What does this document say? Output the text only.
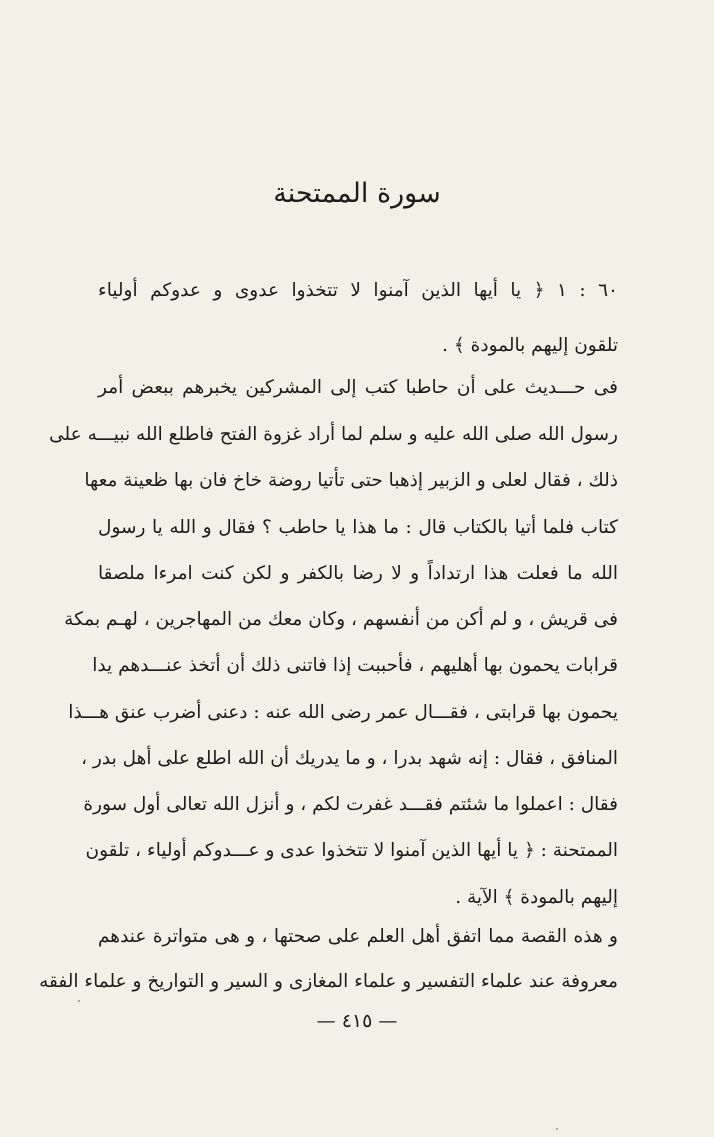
سورة الممتحنة
٦٠ : ١ ﴿ يا أيها الذين آمنوا لا تتخذوا عدوى و عدوكم أولياء
تلقون إليهم بالمودة ﴾ .
فى حـــديث على أن حاطبا كتب إلى المشركين يخبرهم ببعض أمر
رسول الله صلى الله عليه و سلم لما أراد غزوة الفتح فاطلع الله نبيـــه على
ذلك ، فقال لعلى و الزبير إذهبا حتى تأتيا روضة خاخ فان بها ظعينة معها
كتاب فلما أتيا بالكتاب قال : ما هذا يا حاطب ؟ فقال و الله يا رسول
الله ما فعلت هذا ارتداداً و لا رضا بالكفر و لكن كنت امرءا ملصقا
فى قريش ، و لم أكن من أنفسهم ، وكان معك من المهاجرين ، لهـم بمكة
قرابات يحمون بها أهليهم ، فأحببت إذا فاتنى ذلك أن أتخذ عنـــدهم يدا
يحمون بها قرابتى ، فقـــال عمر رضى الله عنه : دعنى أضرب عنق هـــذا
المنافق ، فقال : إنه شهد بدرا ، و ما يدريك أن الله اطلع على أهل بدر ،
فقال : اعملوا ما شئتم فقـــد غفرت لكم ، و أنزل الله تعالى أول سورة
الممتحنة : ﴿ يا أيها الذين آمنوا لا تتخذوا عدى و عـــدوكم أولياء ، تلقون
إليهم بالمودة ﴾ الآية .
و هذه القصة مما اتفق أهل العلم على صحتها ، و هى متواترة عندهم
معروفة عند علماء التفسير و علماء المغازى و السير و التواريخ و علماء الفقه
— ٤١٥ —
